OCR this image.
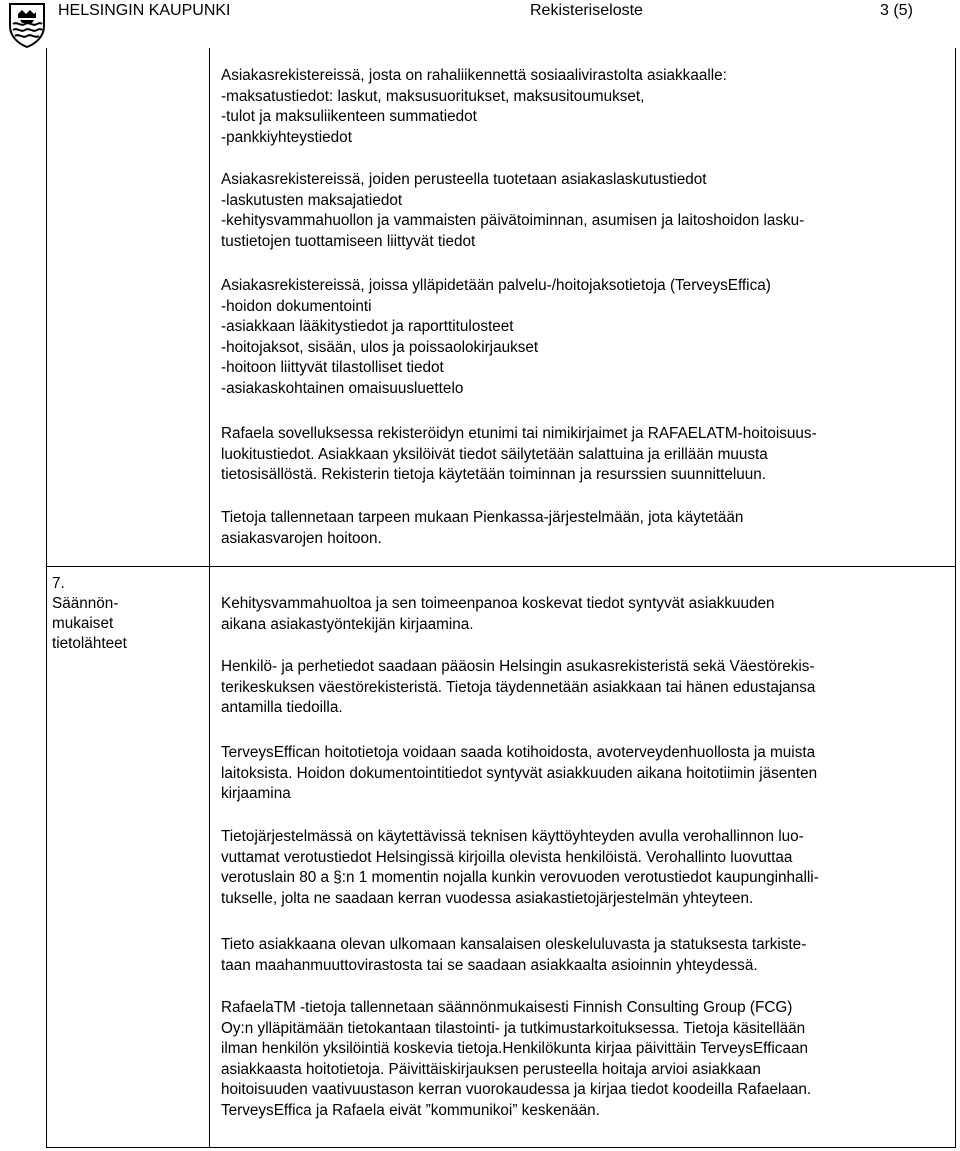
HELSINGIN KAUPUNKI	Rekisteriseloste	3 (5)
7.
Säännön-
mukaiset
tietolähteet
Asiakasrekistereissä, josta on rahaliikennettä sosiaalivirastolta asiakkaalle:
-maksatustiedot: laskut, maksusuoritukset, maksusitoumukset,
-tulot ja maksuliikenteen summatiedot
-pankkiyhteystiedot
Asiakasrekistereissä, joiden perusteella tuotetaan asiakaslaskutustiedot
-laskutusten maksajatiedot
-kehitysvammahuollon ja vammaisten päivätoiminnan, asumisen ja laitoshoidon lasku-
tustietojen tuottamiseen liittyvät tiedot
Asiakasrekistereissä, joissa ylläpidetään palvelu-/hoitojaksotietoja (TerveysEffica)
-hoidon dokumentointi
-asiakkaan lääkitystiedot ja raporttitulosteet
-hoitojaksot, sisään, ulos ja poissaolokirjaukset
-hoitoon liittyvät tilastolliset tiedot
-asiakaskohtainen omaisuusluettelo
Rafaela sovelluksessa rekisteröidyn etunimi tai nimikirjaimet ja RAFAELATM-hoitoisuus-
luokitustiedot. Asiakkaan yksilöivät tiedot säilytetään salattuina ja erillään muusta
tietosisällöstä. Rekisterin tietoja käytetään toiminnan ja resurssien suunnitteluun.
Tietoja tallennetaan tarpeen mukaan Pienkassa-järjestelmään, jota käytetään
asiakasvarojen hoitoon.
Kehitysvammahuoltoa ja sen toimeenpanoa koskevat tiedot syntyvät asiakkuuden
aikana asiakastyöntekijän kirjaamina.
Henkilö- ja perhetiedot saadaan pääosin Helsingin asukasrekisteristä sekä Väestörekis-
terikeskuksen väestörekisteristä. Tietoja täydennetään asiakkaan tai hänen edustajansa
antamilla tiedoilla.
TerveysEffican hoitotietoja voidaan saada kotihoidosta, avoterveydenhuollosta ja muista
laitoksista. Hoidon dokumentointitiedot syntyvät asiakkuuden aikana hoitotiimin jäsenten
kirjaamina
Tietojärjestelmässä on käytettävissä teknisen käyttöyhteyden avulla verohallinnon luo-
vuttamat verotustiedot Helsingissä kirjoilla olevista henkilöistä. Verohallinto luovuttaa
verotuslain 80 a §:n 1 momentin nojalla kunkin verovuoden verotustiedot kaupunginhalli-
tukselle, jolta ne saadaan kerran vuodessa asiakastietojärjestelmän yhteyteen.
Tieto asiakkaana olevan ulkomaan kansalaisen oleskeluluvasta ja statuksesta tarkiste-
taan maahanmuuttovirastosta tai se saadaan asiakkaalta asioinnin yhteydessä.
RafaelaTM -tietoja tallennetaan säännönmukaisesti Finnish Consulting Group (FCG)
Oy:n ylläpitämään tietokantaan tilastointi- ja tutkimustarkoituksessa. Tietoja käsitellään
ilman henkilön yksilöintiä koskevia tietoja.Henkilökunta kirjaa päivittäin TerveysEfficaan
asiakkaasta hoitotietoja. Päivittäiskirjauksen perusteella hoitaja arvioi asiakkaan
hoitoisuuden vaativuustason kerran vuorokaudessa ja kirjaa tiedot koodeilla Rafaelaan.
TerveysEffica ja Rafaela eivät ”kommunikoi” keskenään.
